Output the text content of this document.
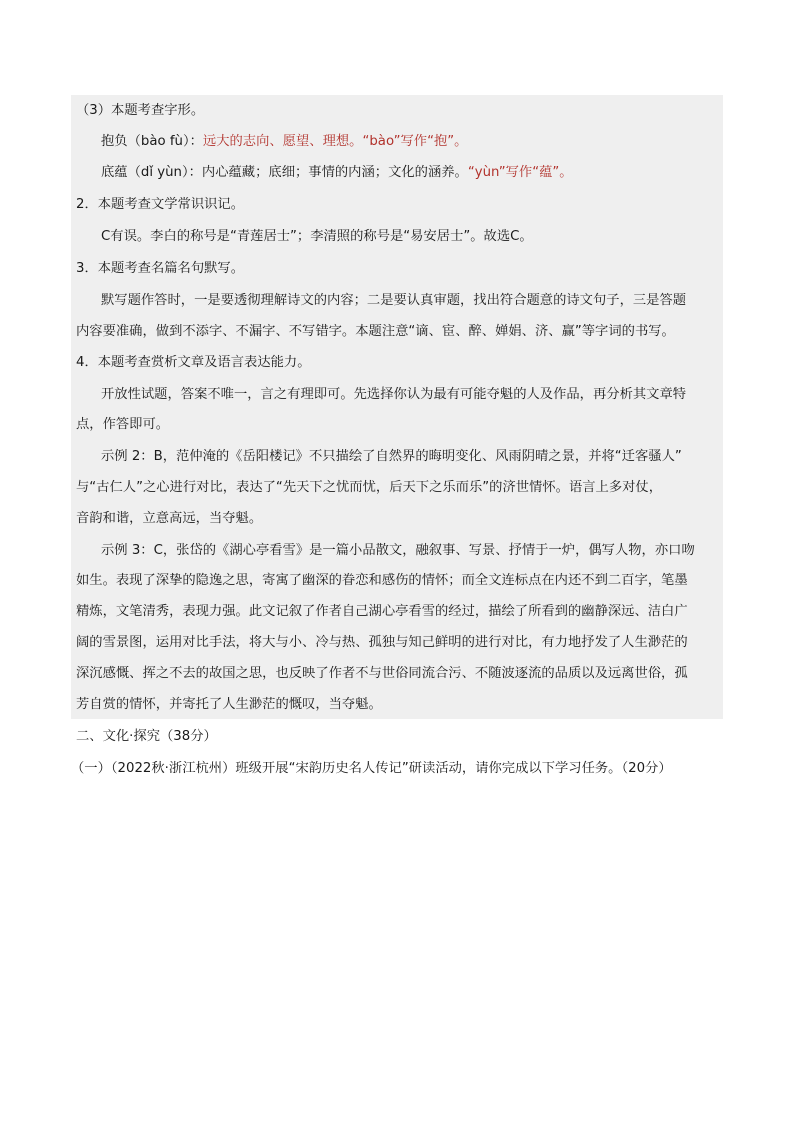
（3）本题考查字形。
抱负（bào fù）：远大的志向、愿望、理想。“bào”写作“抱”。
底蕴（dǐ yùn）：内心蕴藏；底细；事情的内涵；文化的涵养。“yùn”写作“蕴”。
2．本题考查文学常识识记。
C有误。李白的称号是“青莲居士”；李清照的称号是“易安居士”。故选C。
3．本题考查名篇名句默写。
默写题作答时，一是要透彻理解诗文的内容；二是要认真审题，找出符合题意的诗文句子，三是答题
内容要准确，做到不添字、不漏字、不写错字。本题注意“谪、宦、醉、婵娟、济、赢”等字词的书写。
4．本题考查赏析文章及语言表达能力。
开放性试题，答案不唯一，言之有理即可。先选择你认为最有可能夺魁的人及作品，再分析其文章特
点，作答即可。
示例 2：B，范仲淹的《岳阳楼记》不只描绘了自然界的晦明变化、风雨阴晴之景，并将“迁客骚人”
与“古仁人”之心进行对比，表达了“先天下之忧而忧，后天下之乐而乐”的济世情怀。语言上多对仗，
音韵和谐，立意高远，当夺魁。
示例 3：C，张岱的《湖心亭看雪》是一篇小品散文，融叙事、写景、抒情于一炉，偶写人物，亦口吻
如生。表现了深挚的隐逸之思，寄寓了幽深的眷恋和感伤的情怀；而全文连标点在内还不到二百字，笔墨
精炼，文笔清秀，表现力强。此文记叙了作者自己湖心亭看雪的经过，描绘了所看到的幽静深远、洁白广
阔的雪景图，运用对比手法，将大与小、冷与热、孤独与知己鲜明的进行对比，有力地抒发了人生渺茫的
深沉感慨、挥之不去的故国之思，也反映了作者不与世俗同流合污、不随波逐流的品质以及远离世俗，孤
芳自赏的情怀，并寄托了人生渺茫的慨叹，当夺魁。
二、文化·探究（38分）
（一）（2022秋·浙江杭州）班级开展“宋韵历史名人传记”研读活动，请你完成以下学习任务。（20分）
